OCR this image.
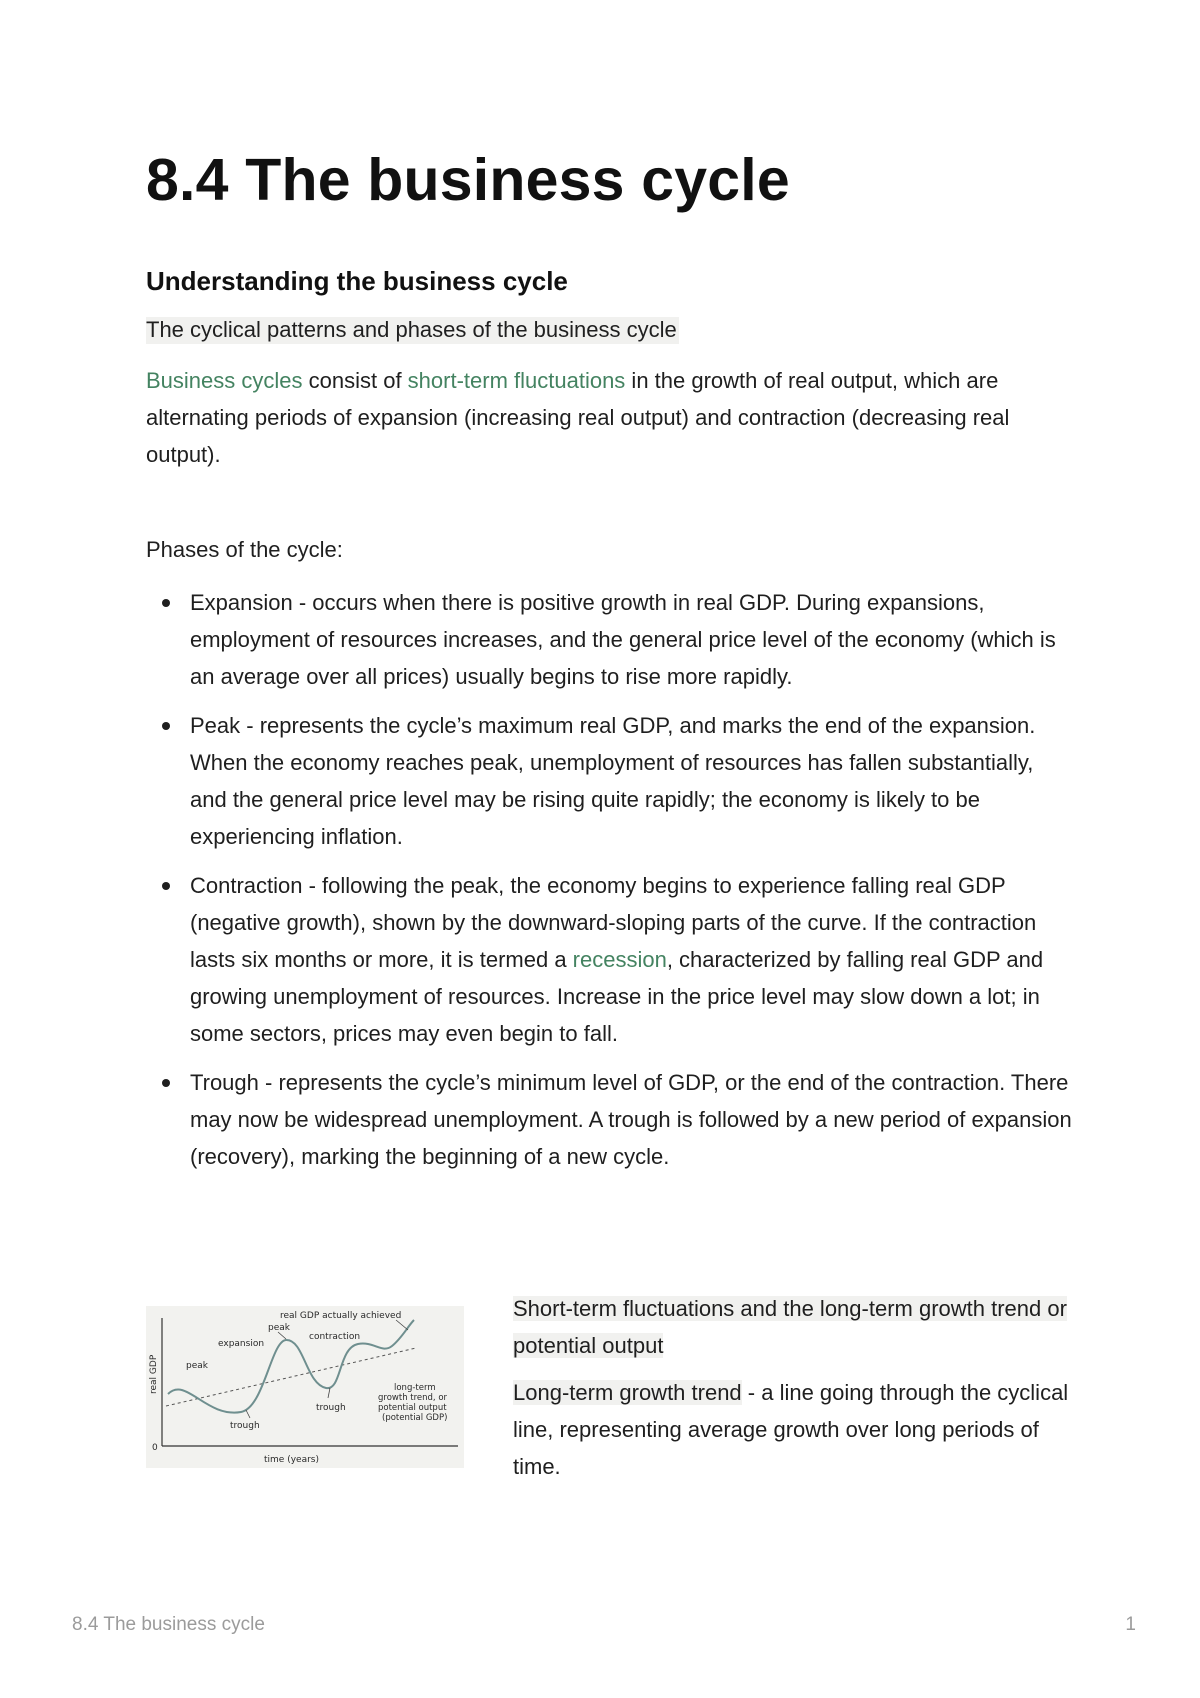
8.4 The business cycle
Understanding the business cycle

The cyclical patterns and phases of the business cycle

Business cycles consist of short-term fluctuations in the growth of real output, which are alternating periods of expansion (increasing real output) and contraction (decreasing real output).

Phases of the cycle:

Expansion - occurs when there is positive growth in real GDP. During expansions, employment of resources increases, and the general price level of the economy (which is an average over all prices) usually begins to rise more rapidly.
Peak - represents the cycle’s maximum real GDP, and marks the end of the expansion. When the economy reaches peak, unemployment of resources has fallen substantially, and the general price level may be rising quite rapidly; the economy is likely to be experiencing inflation.
Contraction - following the peak, the economy begins to experience falling real GDP (negative growth), shown by the downward-sloping parts of the curve. If the contraction lasts six months or more, it is termed a recession, characterized by falling real GDP and growing unemployment of resources. Increase in the price level may slow down a lot; in some sectors, prices may even begin to fall.
Trough - represents the cycle’s minimum level of GDP, or the end of the contraction. There may now be widespread unemployment. A trough is followed by a new period of expansion (recovery), marking the beginning of a new cycle.
real GDP actually achieved
peak
expansion
contraction
peak
trough
trough
long-term
growth trend, or
potential output
(potential GDP)
real GDP
time (years)
0

Short-term fluctuations and the long-term growth trend or potential output

Long-term growth trend - a line going through the cyclical line, representing average growth over long periods of time.

8.4 The business cycle	1
